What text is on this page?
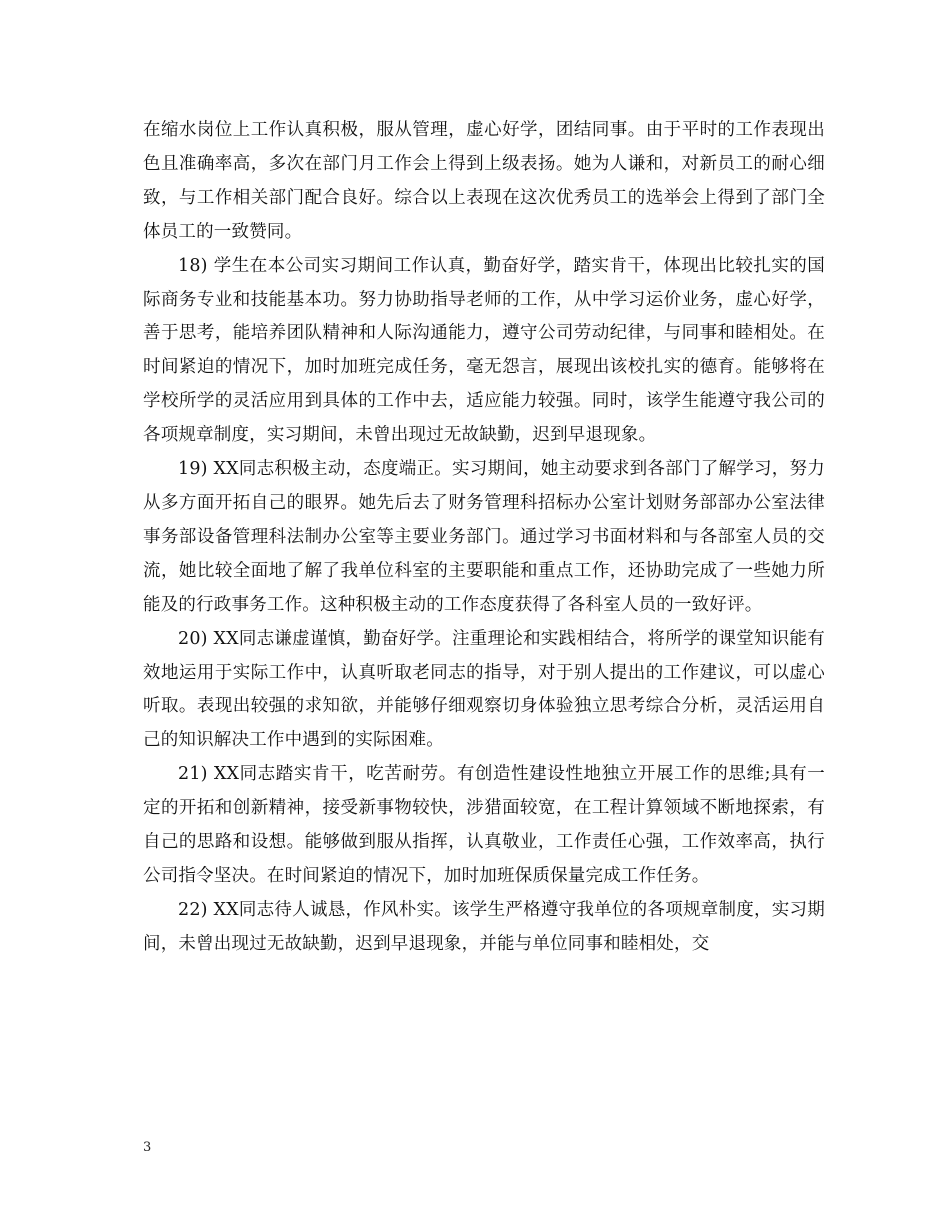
在缩水岗位上工作认真积极，服从管理，虚心好学，团结同事。由于平时的工作表现出色且准确率高，多次在部门月工作会上得到上级表扬。她为人谦和，对新员工的耐心细致，与工作相关部门配合良好。综合以上表现在这次优秀员工的选举会上得到了部门全体员工的一致赞同。

18) 学生在本公司实习期间工作认真，勤奋好学，踏实肯干，体现出比较扎实的国际商务专业和技能基本功。努力协助指导老师的工作，从中学习运价业务，虚心好学，善于思考，能培养团队精神和人际沟通能力，遵守公司劳动纪律，与同事和睦相处。在时间紧迫的情况下，加时加班完成任务，毫无怨言，展现出该校扎实的德育。能够将在学校所学的灵活应用到具体的工作中去，适应能力较强。同时，该学生能遵守我公司的各项规章制度，实习期间，未曾出现过无故缺勤，迟到早退现象。

19) XX同志积极主动，态度端正。实习期间，她主动要求到各部门了解学习，努力从多方面开拓自己的眼界。她先后去了财务管理科招标办公室计划财务部部办公室法律事务部设备管理科法制办公室等主要业务部门。通过学习书面材料和与各部室人员的交流，她比较全面地了解了我单位科室的主要职能和重点工作，还协助完成了一些她力所能及的行政事务工作。这种积极主动的工作态度获得了各科室人员的一致好评。

20) XX同志谦虚谨慎，勤奋好学。注重理论和实践相结合，将所学的课堂知识能有效地运用于实际工作中，认真听取老同志的指导，对于别人提出的工作建议，可以虚心听取。表现出较强的求知欲，并能够仔细观察切身体验独立思考综合分析，灵活运用自己的知识解决工作中遇到的实际困难。

21) XX同志踏实肯干，吃苦耐劳。有创造性建设性地独立开展工作的思维;具有一定的开拓和创新精神，接受新事物较快，涉猎面较宽，在工程计算领域不断地探索，有自己的思路和设想。能够做到服从指挥，认真敬业，工作责任心强，工作效率高，执行公司指令坚决。在时间紧迫的情况下，加时加班保质保量完成工作任务。

22) XX同志待人诚恳，作风朴实。该学生严格遵守我单位的各项规章制度，实习期间，未曾出现过无故缺勤，迟到早退现象，并能与单位同事和睦相处，交

3
